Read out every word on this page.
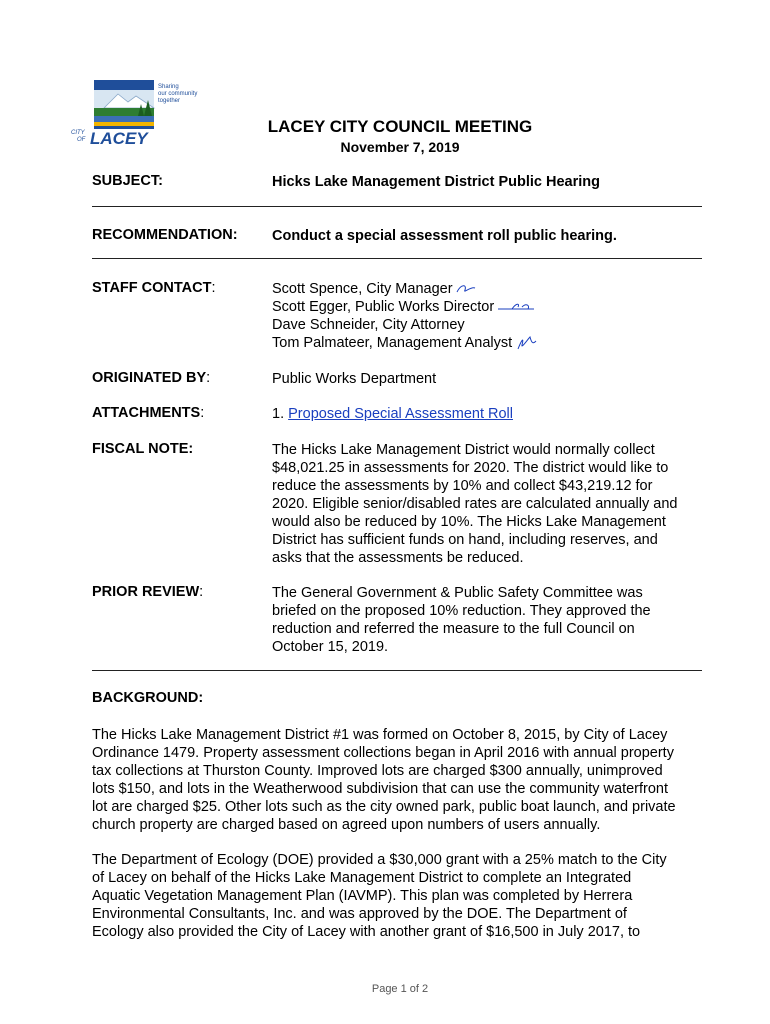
Sharing
our community
together
CITY
OF LACEY
LACEY CITY COUNCIL MEETING
November 7, 2019
SUBJECT:	Hicks Lake Management District Public Hearing
RECOMMENDATION: Conduct a special assessment roll public hearing.
STAFF CONTACT:	Scott Spence, City Manager
Scott Egger, Public Works Director
Dave Schneider, City Attorney
Tom Palmateer, Management Analyst
ORIGINATED BY:	Public Works Department
ATTACHMENTS:	1. Proposed Special Assessment Roll
FISCAL NOTE:	The Hicks Lake Management District would normally collect
$48,021.25 in assessments for 2020. The district would like to
reduce the assessments by 10% and collect $43,219.12 for
2020. Eligible senior/disabled rates are calculated annually and
would also be reduced by 10%. The Hicks Lake Management
District has sufficient funds on hand, including reserves, and
asks that the assessments be reduced.
PRIOR REVIEW:	The General Government & Public Safety Committee was
briefed on the proposed 10% reduction. They approved the
reduction and referred the measure to the full Council on
October 15, 2019.
BACKGROUND:
The Hicks Lake Management District #1 was formed on October 8, 2015, by City of Lacey
Ordinance 1479. Property assessment collections began in April 2016 with annual property
tax collections at Thurston County. Improved lots are charged $300 annually, unimproved
lots $150, and lots in the Weatherwood subdivision that can use the community waterfront
lot are charged $25. Other lots such as the city owned park, public boat launch, and private
church property are charged based on agreed upon numbers of users annually.
The Department of Ecology (DOE) provided a $30,000 grant with a 25% match to the City
of Lacey on behalf of the Hicks Lake Management District to complete an Integrated
Aquatic Vegetation Management Plan (IAVMP). This plan was completed by Herrera
Environmental Consultants, Inc. and was approved by the DOE. The Department of
Ecology also provided the City of Lacey with another grant of $16,500 in July 2017, to
Page 1 of 2
